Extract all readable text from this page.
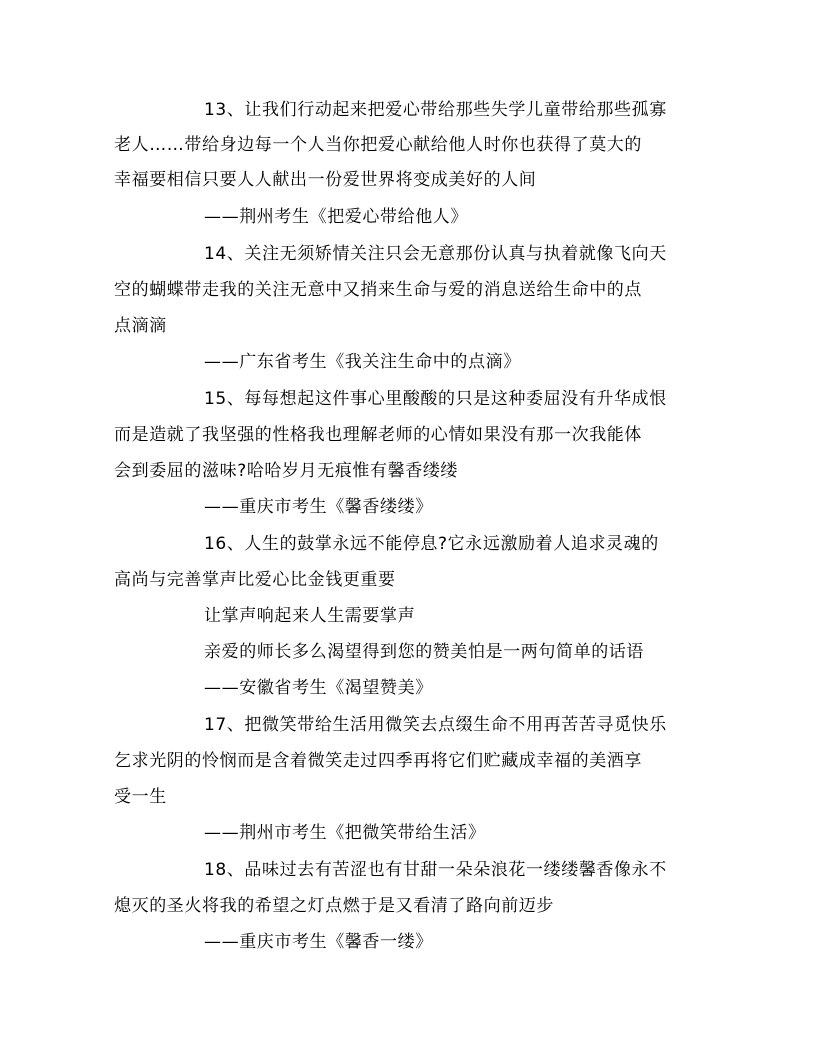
13、让我们行动起来把爱心带给那些失学儿童带给那些孤寡
老人……带给身边每一个人当你把爱心献给他人时你也获得了莫大的
幸福要相信只要人人献出一份爱世界将变成美好的人间
——荆州考生《把爱心带给他人》
14、关注无须矫情关注只会无意那份认真与执着就像飞向天
空的蝴蝶带走我的关注无意中又捎来生命与爱的消息送给生命中的点
点滴滴
——广东省考生《我关注生命中的点滴》
15、每每想起这件事心里酸酸的只是这种委屈没有升华成恨
而是造就了我坚强的性格我也理解老师的心情如果没有那一次我能体
会到委屈的滋味?哈哈岁月无痕惟有馨香缕缕
——重庆市考生《馨香缕缕》
16、人生的鼓掌永远不能停息?它永远激励着人追求灵魂的
高尚与完善掌声比爱心比金钱更重要
让掌声响起来人生需要掌声
亲爱的师长多么渴望得到您的赞美怕是一两句简单的话语
——安徽省考生《渴望赞美》
17、把微笑带给生活用微笑去点缀生命不用再苦苦寻觅快乐
乞求光阴的怜悯而是含着微笑走过四季再将它们贮藏成幸福的美酒享
受一生
——荆州市考生《把微笑带给生活》
18、品味过去有苦涩也有甘甜一朵朵浪花一缕缕馨香像永不
熄灭的圣火将我的希望之灯点燃于是又看清了路向前迈步
——重庆市考生《馨香一缕》
